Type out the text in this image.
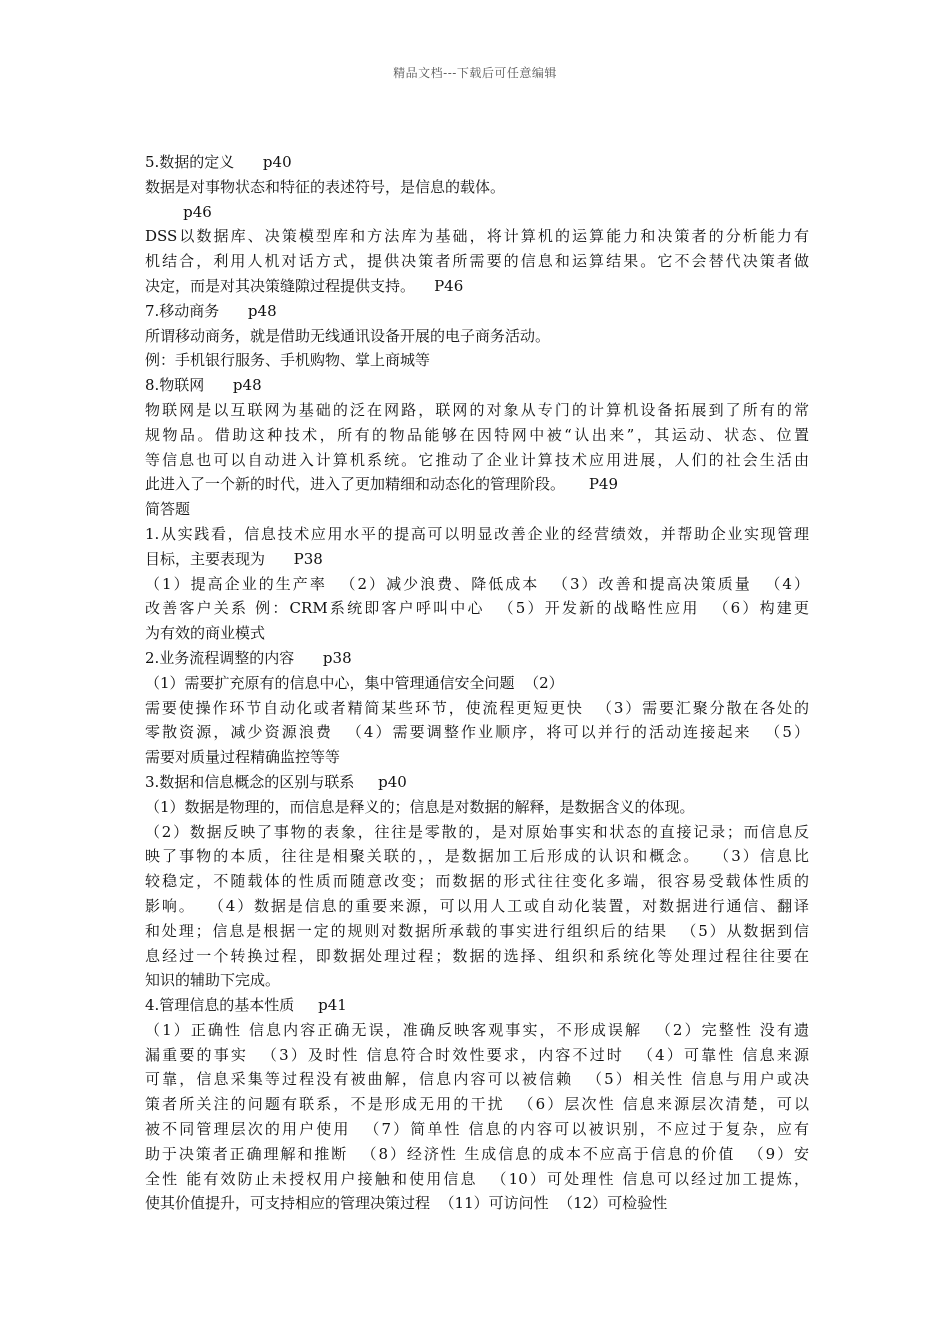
精品文档---下载后可任意编辑
5.数据的定义      p40
数据是对事物状态和特征的表述符号，是信息的载体。
p46
DSS以数据库、决策模型库和方法库为基础，将计算机的运算能力和决策者的分析能力有
机结合，利用人机对话方式，提供决策者所需要的信息和运算结果。它不会替代决策者做
决定，而是对其决策缝隙过程提供支持。    P46
7.移动商务      p48
所谓移动商务，就是借助无线通讯设备开展的电子商务活动。
例：手机银行服务、手机购物、掌上商城等
8.物联网      p48
物联网是以互联网为基础的泛在网路，联网的对象从专门的计算机设备拓展到了所有的常
规物品。借助这种技术，所有的物品能够在因特网中被“认出来”，其运动、状态、位置
等信息也可以自动进入计算机系统。它推动了企业计算技术应用进展，人们的社会生活由
此进入了一个新的时代，进入了更加精细和动态化的管理阶段。     P49
简答题
1.从实践看，信息技术应用水平的提高可以明显改善企业的经营绩效，并帮助企业实现管理
目标，主要表现为      P38
（1）提高企业的生产率  （2）减少浪费、降低成本  （3）改善和提高决策质量  （4）
改善客户关系 例：CRM系统即客户呼叫中心  （5）开发新的战略性应用  （6）构建更
为有效的商业模式
2.业务流程调整的内容      p38
（1）需要扩充原有的信息中心，集中管理通信安全问题  （2）
需要使操作环节自动化或者精简某些环节，使流程更短更快  （3）需要汇聚分散在各处的
零散资源，减少资源浪费  （4）需要调整作业顺序，将可以并行的活动连接起来  （5）
需要对质量过程精确监控等等
3.数据和信息概念的区别与联系     p40
（1）数据是物理的，而信息是释义的；信息是对数据的解释，是数据含义的体现。
（2）数据反映了事物的表象，往往是零散的，是对原始事实和状态的直接记录；而信息反
映了事物的本质，往往是相聚关联的，，是数据加工后形成的认识和概念。  （3）信息比
较稳定，不随载体的性质而随意改变；而数据的形式往往变化多端，很容易受载体性质的
影响。  （4）数据是信息的重要来源，可以用人工或自动化装置，对数据进行通信、翻译
和处理；信息是根据一定的规则对数据所承载的事实进行组织后的结果  （5）从数据到信
息经过一个转换过程，即数据处理过程；数据的选择、组织和系统化等处理过程往往要在
知识的辅助下完成。
4.管理信息的基本性质     p41
（1）正确性 信息内容正确无误，准确反映客观事实，不形成误解  （2）完整性 没有遗
漏重要的事实  （3）及时性 信息符合时效性要求，内容不过时  （4）可靠性 信息来源
可靠，信息采集等过程没有被曲解，信息内容可以被信赖  （5）相关性 信息与用户或决
策者所关注的问题有联系，不是形成无用的干扰  （6）层次性 信息来源层次清楚，可以
被不同管理层次的用户使用  （7）简单性 信息的内容可以被识别，不应过于复杂，应有
助于决策者正确理解和推断  （8）经济性 生成信息的成本不应高于信息的价值  （9）安
全性 能有效防止未授权用户接触和使用信息  （10）可处理性 信息可以经过加工提炼，
使其价值提升，可支持相应的管理决策过程  （11）可访问性  （12）可检验性
